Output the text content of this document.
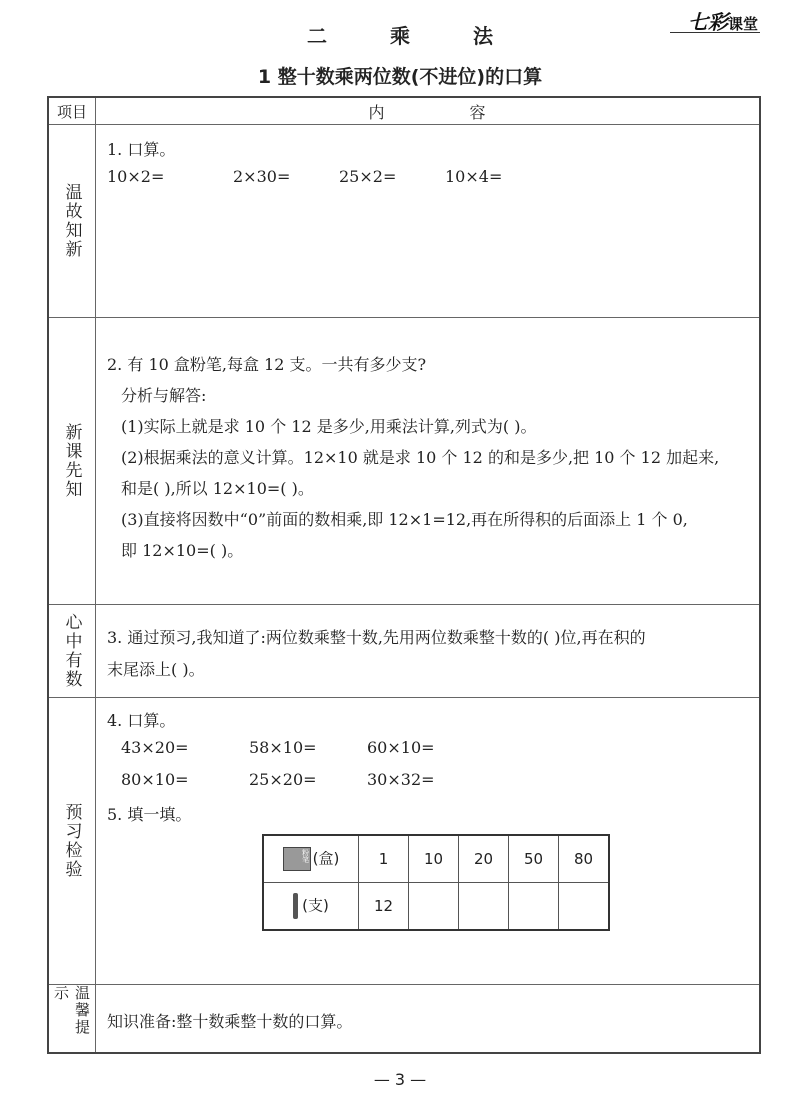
七彩课堂
二 乘 法
1 整十数乘两位数(不进位)的口算
项目	内 容
温故知新
1. 口算。
10×2=	2×30=	25×2=	10×4=
新课先知
2. 有 10 盒粉笔,每盒 12 支。一共有多少支?
分析与解答:
(1)实际上就是求 10 个 12 是多少,用乘法计算,列式为( )。
(2)根据乘法的意义计算。12×10 就是求 10 个 12 的和是多少,把 10 个 12 加起来,
和是( ),所以 12×10=( )。
(3)直接将因数中“0”前面的数相乘,即 12×1=12,再在所得积的后面添上 1 个 0,
即 12×10=( )。
心中有数 3. 通过预习,我知道了:两位数乘整十数,先用两位数乘整十数的( )位,再在积的
末尾添上( )。
预习检验
4. 口算。
43×20=	58×10=	60×10=
80×10=	25×20=	30×32=
5. 填一填。
粉笔 (盒)	1	10	20	50	80
(支)	12				
温馨提示
知识准备:整十数乘整十数的口算。
— 3 —
